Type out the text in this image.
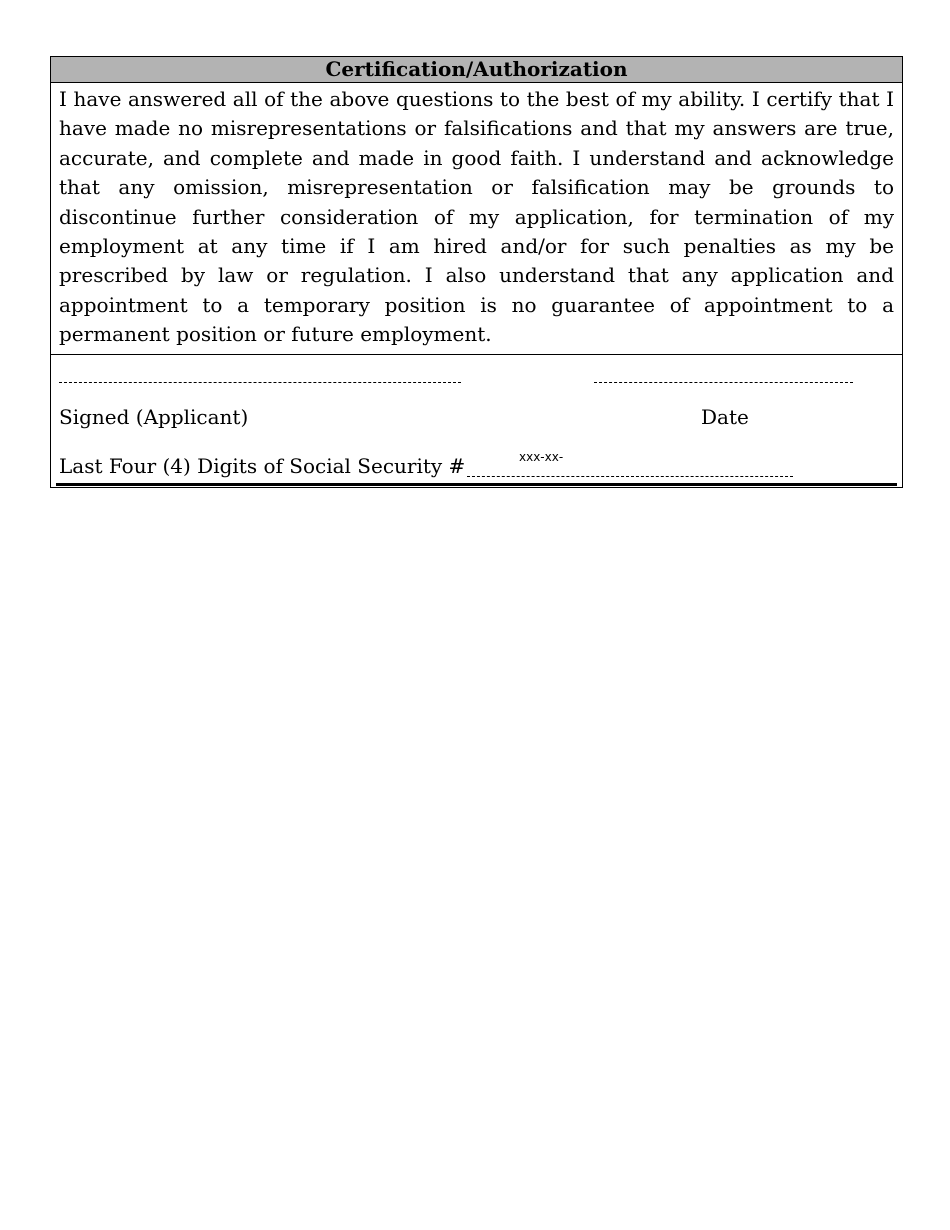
Certification/Authorization
I have answered all of the above questions to the best of my ability. I certify that I have made no misrepresentations or falsifications and that my answers are true, accurate, and complete and made in good faith. I understand and acknowledge that any omission, misrepresentation or falsification may be grounds to discontinue further consideration of my application, for termination of my employment at any time if I am hired and/or for such penalties as my be prescribed by law or regulation. I also understand that any application and appointment to a temporary position is no guarantee of appointment to a permanent position or future employment.
Signed (Applicant)	Date
Last Four (4) Digits of Social Security #	xxx-xx-
